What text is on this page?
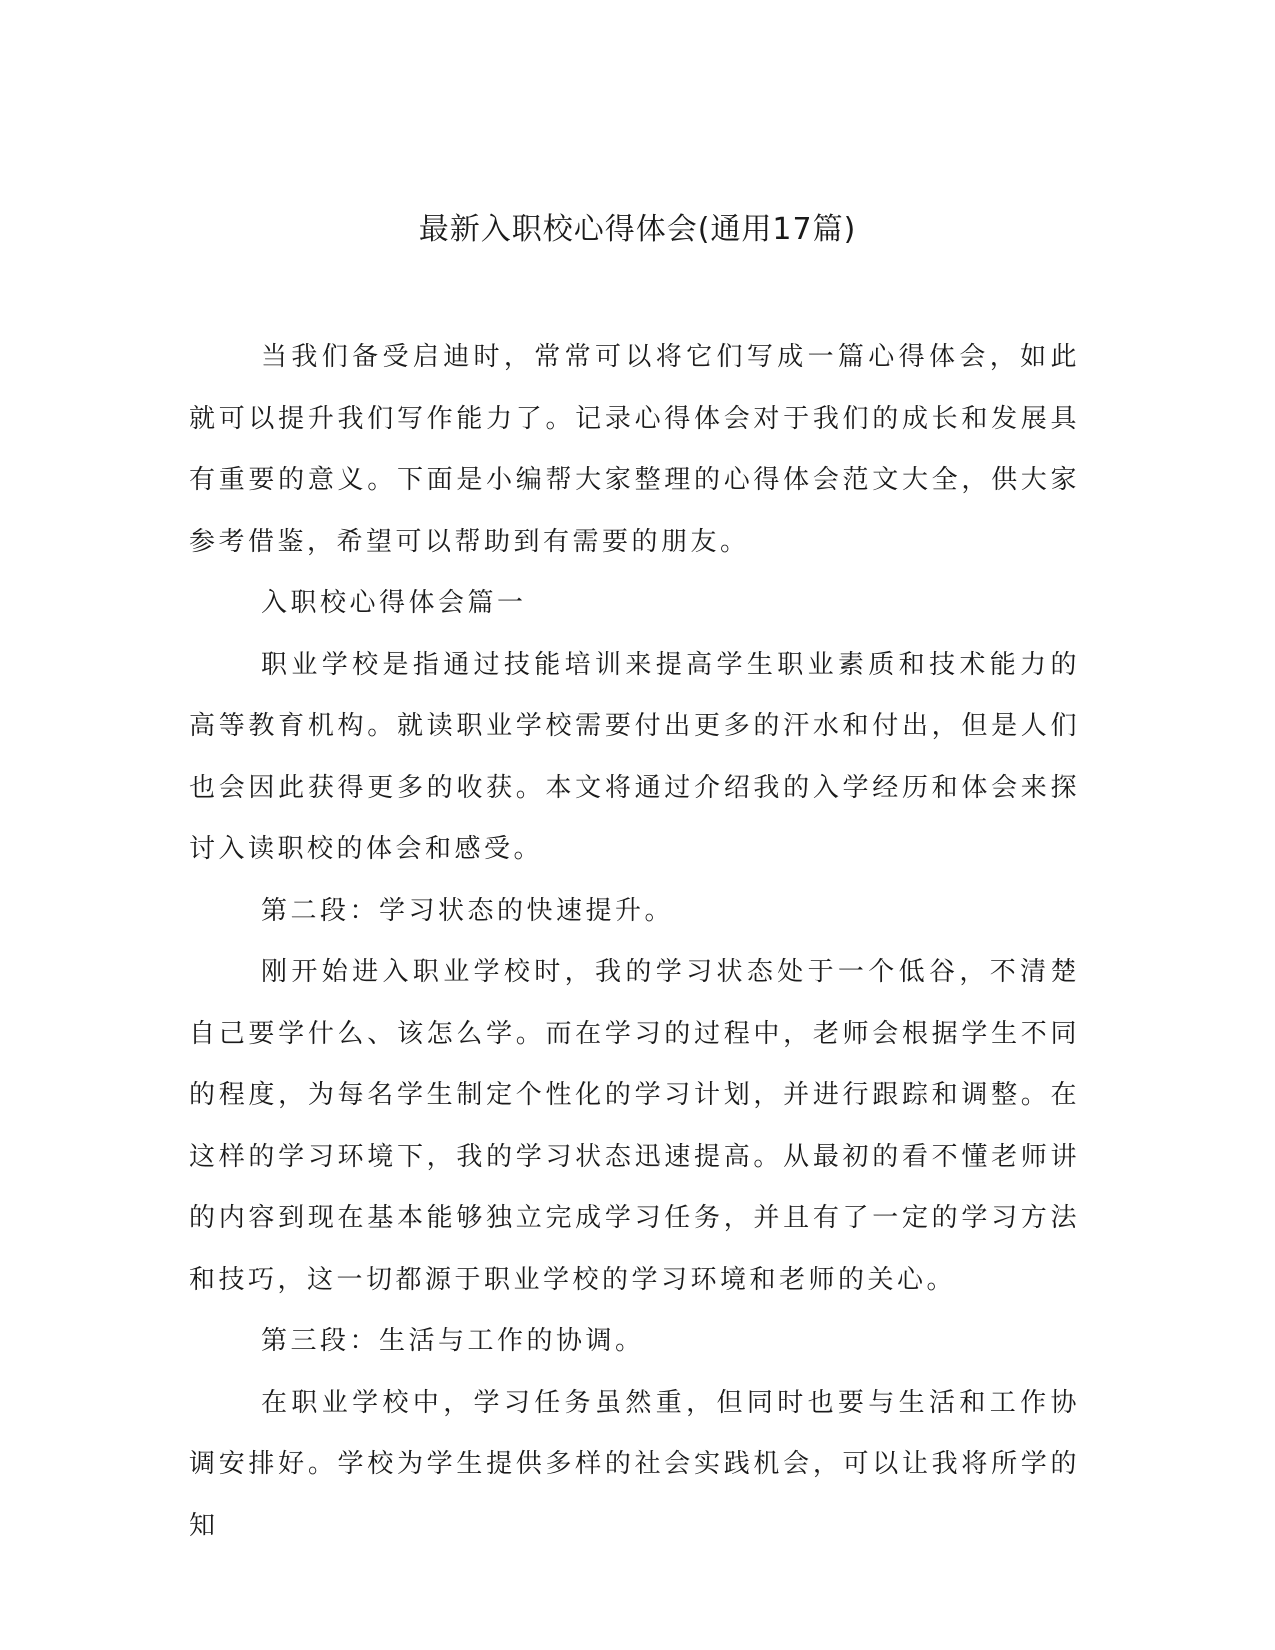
最新入职校心得体会(通用17篇)

当我们备受启迪时，常常可以将它们写成一篇心得体会，如此就可以提升我们写作能力了。记录心得体会对于我们的成长和发展具有重要的意义。下面是小编帮大家整理的心得体会范文大全，供大家参考借鉴，希望可以帮助到有需要的朋友。

入职校心得体会篇一

职业学校是指通过技能培训来提高学生职业素质和技术能力的高等教育机构。就读职业学校需要付出更多的汗水和付出，但是人们也会因此获得更多的收获。本文将通过介绍我的入学经历和体会来探讨入读职校的体会和感受。

第二段：学习状态的快速提升。

刚开始进入职业学校时，我的学习状态处于一个低谷，不清楚自己要学什么、该怎么学。而在学习的过程中，老师会根据学生不同的程度，为每名学生制定个性化的学习计划，并进行跟踪和调整。在这样的学习环境下，我的学习状态迅速提高。从最初的看不懂老师讲的内容到现在基本能够独立完成学习任务，并且有了一定的学习方法和技巧，这一切都源于职业学校的学习环境和老师的关心。

第三段：生活与工作的协调。

在职业学校中，学习任务虽然重，但同时也要与生活和工作协调安排好。学校为学生提供多样的社会实践机会，可以让我将所学的知
